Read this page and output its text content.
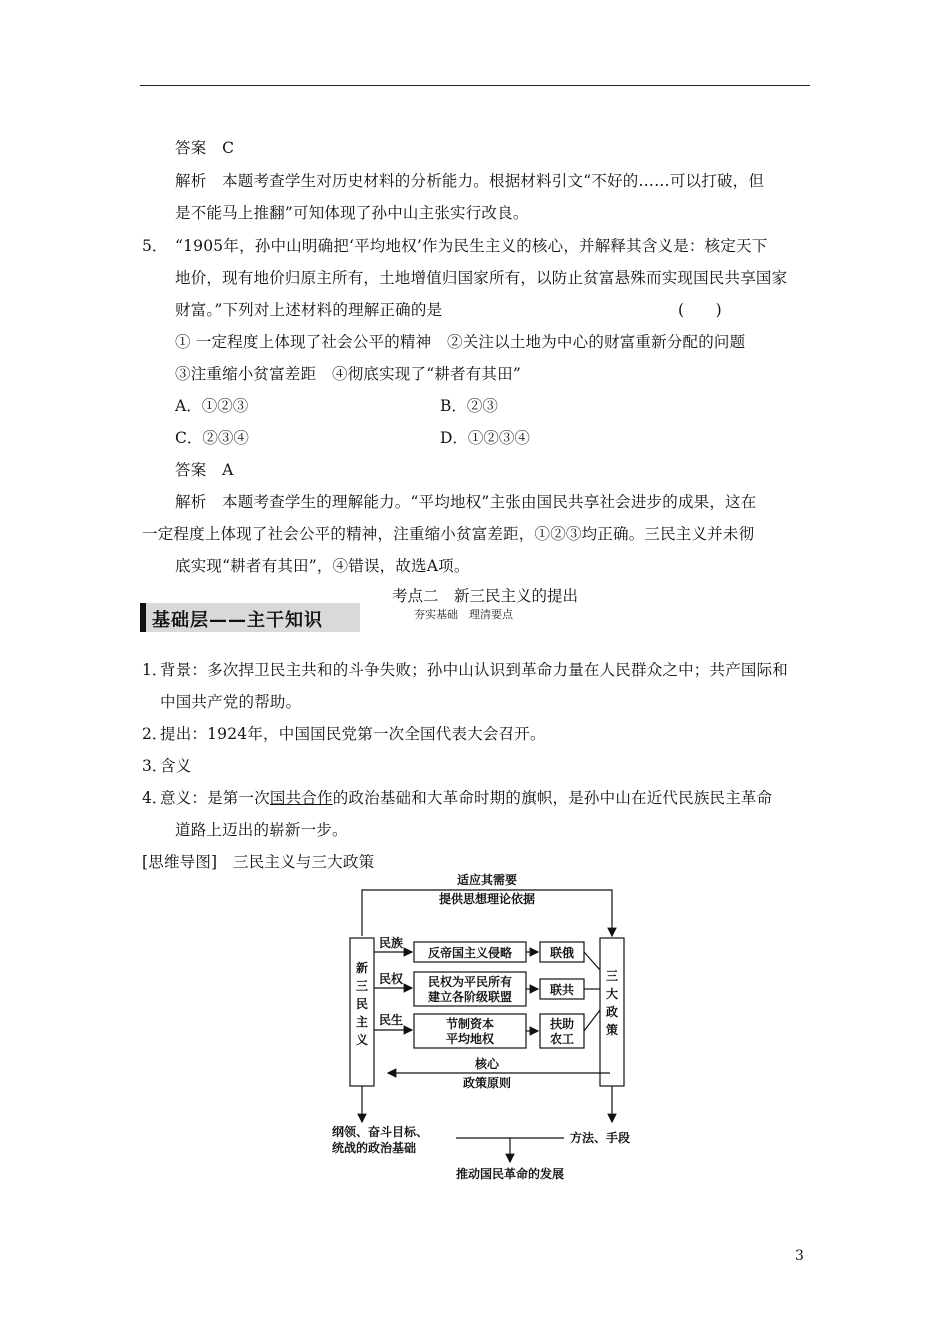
答案　 C
解析　 本题考查学生对历史材料的分析能力。根据材料引文“不好的……可以打破，但
是不能马上推翻”可知体现了孙中山主张实行改良。
5． “1905年，孙中山明确把‘平均地权’作为民生主义的核心，并解释其含义是：核定天下
地价，现有地价归原主所有，土地增值归国家所有，以防止贫富悬殊而实现国民共享国家
财富。”下列对上述材料的理解正确的是	(　　)
① 一定程度上体现了社会公平的精神　②关注以土地为中心的财富重新分配的问题
③注重缩小贫富差距　④彻底实现了“耕者有其田”
A．①②③	B．②③
C．②③④	D．①②③④
答案　 A
解析　 本题考查学生的理解能力。“平均地权”主张由国民共享社会进步的成果，这在
一定程度上体现了社会公平的精神，注重缩小贫富差距，①②③均正确。三民主义并未彻
底实现“耕者有其田”，④错误，故选A项。
考点二　新三民主义的提出
基础层——主干知识	夯实基础　理清要点
1．
背景：多次捍卫民主共和的斗争失败；孙中山认识到革命力量在人民群众之中；共产国际和
中国共产党的帮助。
2．
提出：1924年，中国国民党第一次全国代表大会召开。
3．
含义
4．
意义：是第一次国共合作的政治基础和大革命时期的旗帜，是孙中山在近代民族民主革命
道路上迈出的崭新一步。
[思维导图]　三民主义与三大政策
适应其需要
提供思想理论依据
新
三
民
主
义
三
大
政
策
民族
民权
民生
反帝国主义侵略	联俄
民权为平民所有
建立各阶级联盟	联共
节制资本
平均地权
扶助
农工
核心
政策原则
纲领、奋斗目标、
统战的政治基础
方法、手段
推动国民革命的发展
3
